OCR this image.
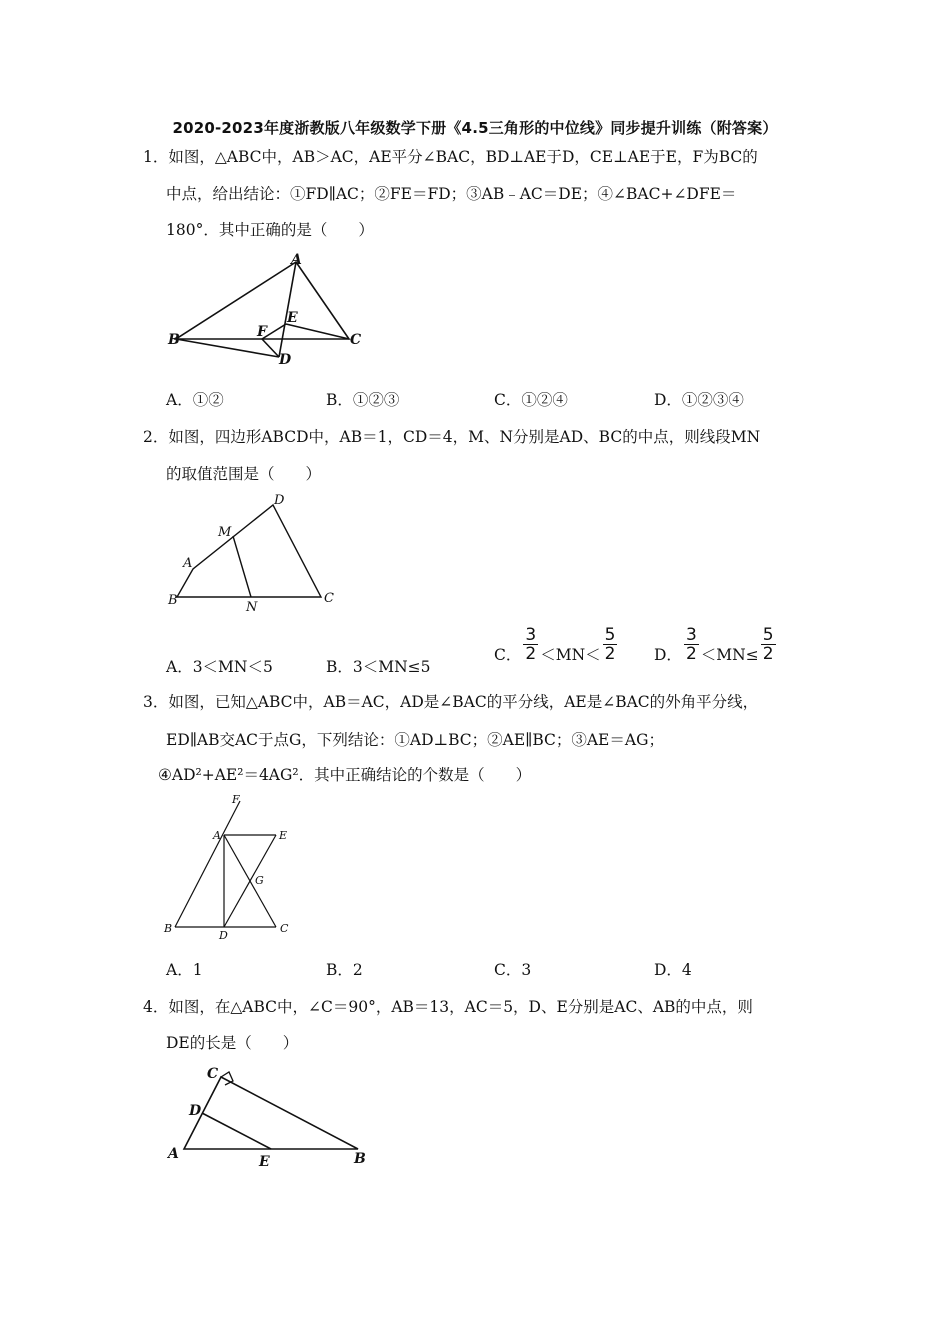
2020-2023年度浙教版八年级数学下册《4.5三角形的中位线》同步提升训练（附答案）
1．如图，△ABC中，AB＞AC，AE平分∠BAC，BD⊥AE于D，CE⊥AE于E，F为BC的
中点，给出结论：①FD∥AC；②FE＝FD；③AB﹣AC＝DE；④∠BAC+∠DFE＝
180°．其中正确的是（　　）
A
B	C
D
E
F
A．①②	B．①②③	C．①②④	D．①②③④
2．如图，四边形ABCD中，AB＝1，CD＝4，M、N分别是AD、BC的中点，则线段MN
的取值范围是（　　）
A
B	C
D
M
N
A．3＜MN＜5	B．3＜MN≤5
C． $\frac{3}{2} <MN< \frac{5}{2}$ D． $\frac{3}{2} <MN\le \frac{5}{2}$
3．如图，已知△ABC中，AB＝AC，AD是∠BAC的平分线，AE是∠BAC的外角平分线，
ED∥AB交AC于点G，下列结论：①AD⊥BC；②AE∥BC；③AE＝AG；
④AD²+AE²＝4AG²．其中正确结论的个数是（　　）
F
A	E
G
B
D
C
A．1	B．2	C．3	D．4
4．如图，在△ABC中，∠C＝90°，AB＝13，AC＝5，D、E分别是AC、AB的中点，则
DE的长是（　　）
C
D
A	E	B
